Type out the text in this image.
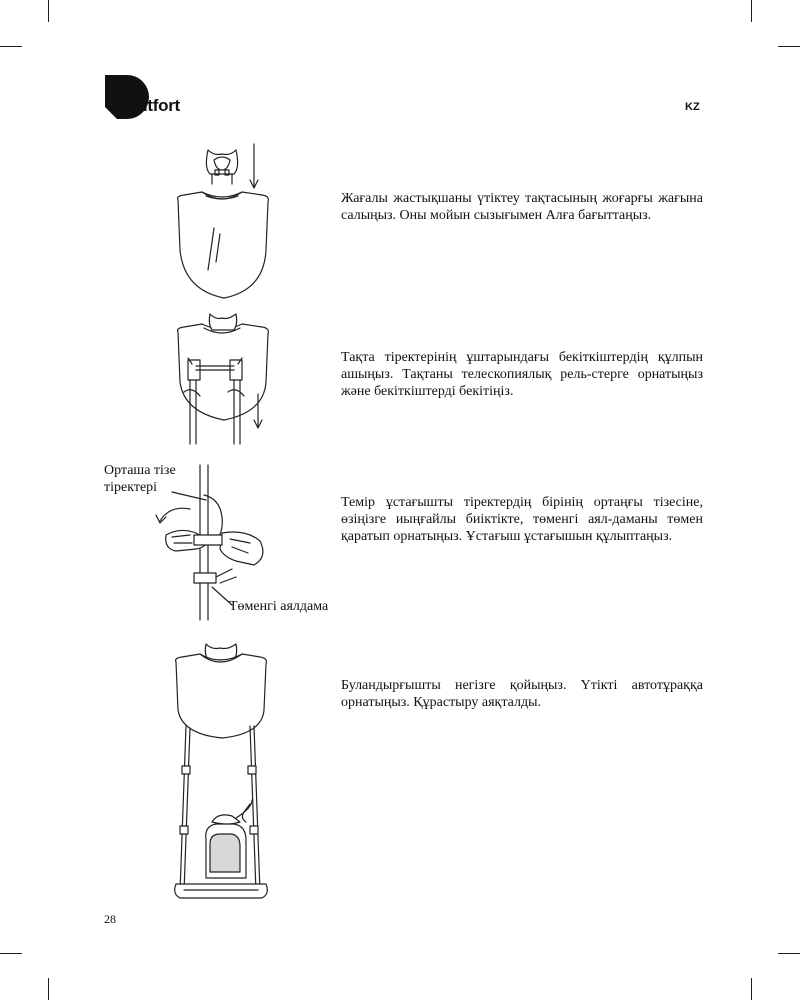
Kitfort	KZ
Жағалы жастықшаны үтіктеу тақтасының жоғарғы жағына салыңыз. Оны мойын сызығымен Алға бағыттаңыз.
Тақта тіректерінің ұштарындағы бекіткіштердің құлпын ашыңыз. Тақтаны телескопиялық рель-стерге орнатыңыз және бекіткіштерді бекітіңіз.
Орташа тізе
тіректері
Темір ұстағышты тіректердің бірінің ортаңғы тізесіне, өзіңізге иыңғайлы биіктікте, төменгі аял-даманы төмен қаратып орнатыңыз. Ұстағыш ұстағышын құлыптаңыз.
Төменгі аялдама
Буландырғышты негізге қойыңыз. Үтікті автотұраққа орнатыңыз. Құрастыру аяқталды.
28
